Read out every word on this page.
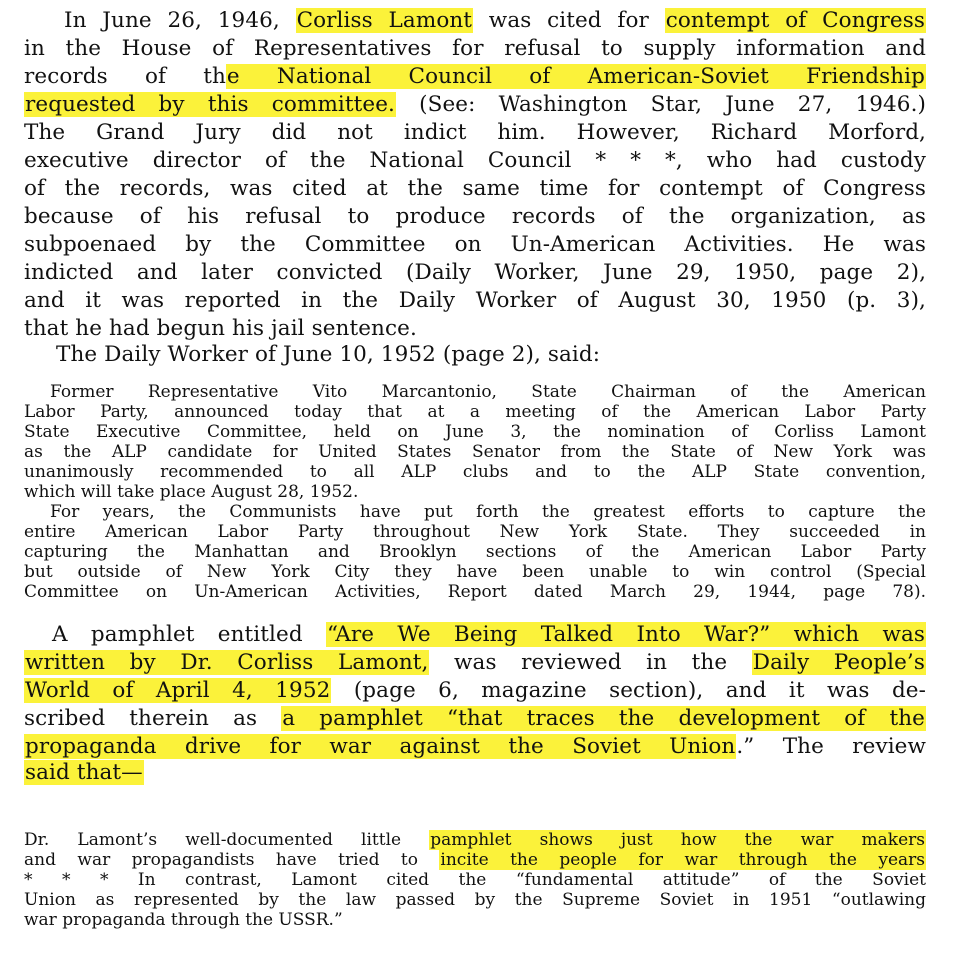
In June 26, 1946, Corliss Lamont was cited for contempt of Congress
in the House of Representatives for refusal to supply information and
records of the National Council of American-Soviet Friendship
requested by this committee. (See: Washington Star, June 27, 1946.)
The Grand Jury did not indict him. However, Richard Morford,
executive director of the National Council * * *, who had custody
of the records, was cited at the same time for contempt of Congress
because of his refusal to produce records of the organization, as
subpoenaed by the Committee on Un-American Activities. He was
indicted and later convicted (Daily Worker, June 29, 1950, page 2),
and it was reported in the Daily Worker of August 30, 1950 (p. 3),
that he had begun his jail sentence.
The Daily Worker of June 10, 1952 (page 2), said:
Former Representative Vito Marcantonio, State Chairman of the American
Labor Party, announced today that at a meeting of the American Labor Party
State Executive Committee, held on June 3, the nomination of Corliss Lamont
as the ALP candidate for United States Senator from the State of New York was
unanimously recommended to all ALP clubs and to the ALP State convention,
which will take place August 28, 1952.
For years, the Communists have put forth the greatest efforts to capture the
entire American Labor Party throughout New York State. They succeeded in
capturing the Manhattan and Brooklyn sections of the American Labor Party
but outside of New York City they have been unable to win control (Special
Committee on Un-American Activities, Report dated March 29, 1944, page 78).
A pamphlet entitled “Are We Being Talked Into War?” which was
written by Dr. Corliss Lamont, was reviewed in the Daily People’s
World of April 4, 1952 (page 6, magazine section), and it was de-
scribed therein as a pamphlet “that traces the development of the
propaganda drive for war against the Soviet Union.” The review
said that—
Dr. Lamont’s well-documented little pamphlet shows just how the war makers
and war propagandists have tried to incite the people for war through the years
* * * In contrast, Lamont cited the “fundamental attitude” of the Soviet
Union as represented by the law passed by the Supreme Soviet in 1951 “outlawing
war propaganda through the USSR.”
